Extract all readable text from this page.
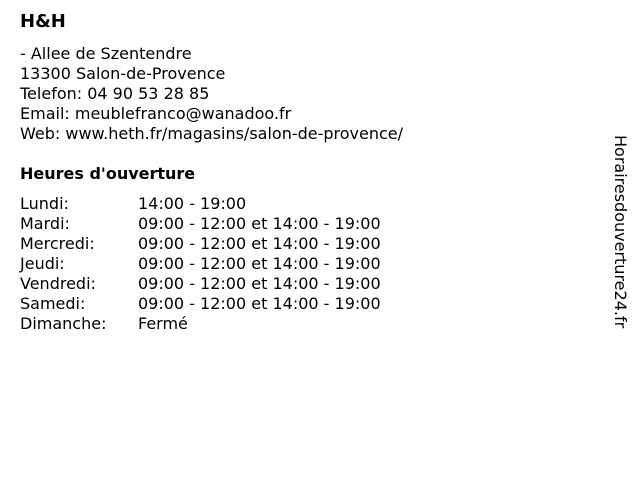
H&H
- Allee de Szentendre
13300 Salon-de-Provence
Telefon: 04 90 53 28 85
Email: meublefranco@wanadoo.fr
Web: www.heth.fr/magasins/salon-de-provence/
Heures d'ouverture
Lundi:	14:00 - 19:00
Mardi:	09:00 - 12:00 et 14:00 - 19:00
Mercredi:	09:00 - 12:00 et 14:00 - 19:00
Jeudi:	09:00 - 12:00 et 14:00 - 19:00
Vendredi:	09:00 - 12:00 et 14:00 - 19:00
Samedi:	09:00 - 12:00 et 14:00 - 19:00
Dimanche:	Fermé	Horairesdouverture24.fr
